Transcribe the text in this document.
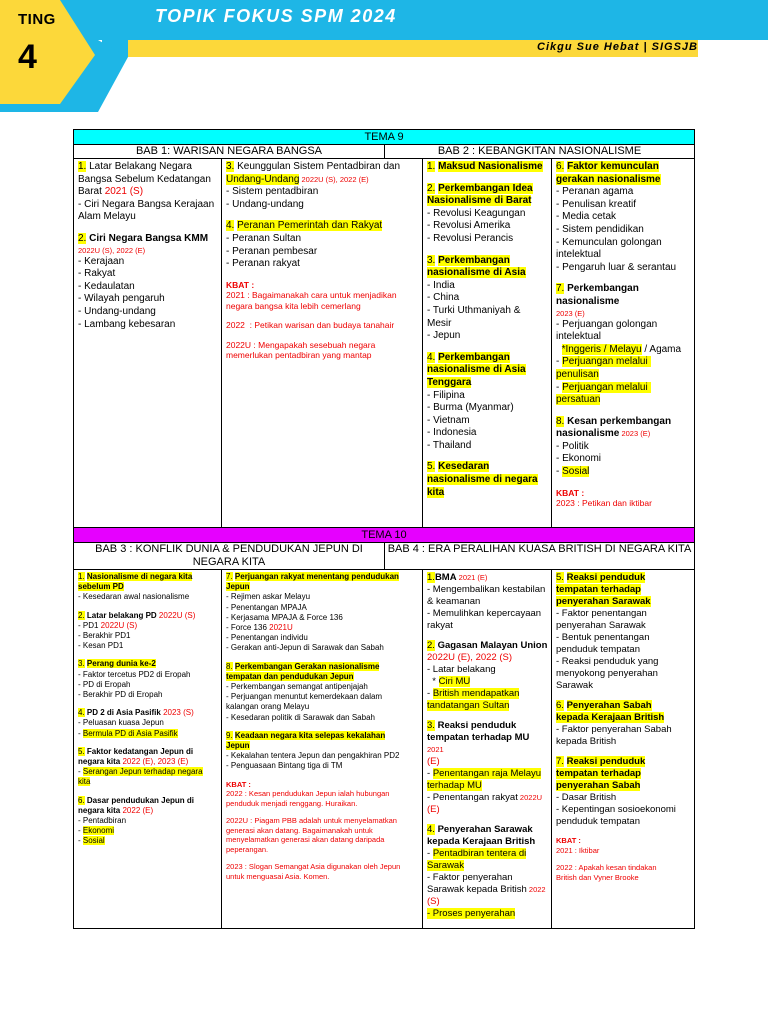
TOPIK FOKUS SPM 2024
Cikgu Sue Hebat | SIGSJB
TING
4
TEMA 9
BAB 1: WARISAN NEGARA BANGSA	BAB 2 : KEBANGKITAN NASIONALISME
1. Latar Belakang Negara
Bangsa Sebelum Kedatangan
Barat 2021 (S)
- Ciri Negara Bangsa Kerajaan
Alam Melayu
2. Ciri Negara Bangsa KMM
2022U (S), 2022 (E)
- Kerajaan
- Rakyat
- Kedaulatan
- Wilayah pengaruh
- Undang-undang
- Lambang kebesaran
3. Keunggulan Sistem Pentadbiran dan
Undang-Undang 2022U (S), 2022 (E)
- Sistem pentadbiran
- Undang-undang
4. Peranan Pemerintah dan Rakyat
- Peranan Sultan
- Peranan pembesar
- Peranan rakyat
KBAT :
2021 : Bagaimanakah cara untuk menjadikan
negara bangsa kita lebih cemerlang
2022  : Petikan warisan dan budaya tanahair
2022U : Mengapakah sesebuah negara
memerlukan pentadbiran yang mantap
1. Maksud Nasionalisme
2. Perkembangan Idea
Nasionalisme di Barat
- Revolusi Keagungan
- Revolusi Amerika
- Revolusi Perancis
3. Perkembangan
nasionalisme di Asia
- India
- China
- Turki Uthmaniyah &
Mesir
- Jepun
4. Perkembangan
nasionalisme di Asia
Tenggara
- Filipina
- Burma (Myanmar)
- Vietnam
- Indonesia
- Thailand
5. Kesedaran
nasionalisme di negara
kita
6. Faktor kemunculan
gerakan nasionalisme
- Peranan agama
- Penulisan kreatif
- Media cetak
- Sistem pendidikan
- Kemunculan golongan
intelektual
- Pengaruh luar & serantau
7. Perkembangan
nasionalisme
2023 (E)
- Perjuangan golongan
intelektual
*Inggeris / Melayu / Agama
- Perjuangan melalui penulisan
- Perjuangan melalui persatuan
8. Kesan perkembangan
nasionalisme 2023 (E)
- Politik
- Ekonomi
- Sosial
KBAT :
2023 : Petikan dan iktibar
TEMA 10
BAB 3 : KONFLIK DUNIA & PENDUDUKAN JEPUN DI NEGARA KITA
BAB 4 : ERA PERALIHAN KUASA BRITISH DI NEGARA KITA
1. Nasionalisme di negara kita
sebelum PD
- Kesedaran awal nasionalisme
2. Latar belakang PD 2022U (S)
- PD1 2022U (S)
- Berakhir PD1
- Kesan PD1
3. Perang dunia ke-2
- Faktor tercetus PD2 di Eropah
- PD di Eropah
- Berakhir PD di Eropah
4. PD 2 di Asia Pasifik 2023 (S)
- Peluasan kuasa Jepun
- Bermula PD di Asia Pasifik
5. Faktor kedatangan Jepun di
negara kita 2022 (E), 2023 (E)
- Serangan Jepun terhadap negara
kita
6. Dasar pendudukan Jepun di
negara kita 2022 (E)
- Pentadbiran
- Ekonomi
- Sosial
7. Perjuangan rakyat menentang pendudukan
Jepun
- Rejimen askar Melayu
- Penentangan MPAJA
- Kerjasama MPAJA & Force 136
- Force 136 2021U
- Penentangan individu
- Gerakan anti-Jepun di Sarawak dan Sabah
8. Perkembangan Gerakan nasionalisme
tempatan dan pendudukan Jepun
- Perkembangan semangat antipenjajah
- Perjuangan menuntut kemerdekaan dalam
kalangan orang Melayu
- Kesedaran politik di Sarawak dan Sabah
9. Keadaan negara kita selepas kekalahan
Jepun
- Kekalahan tentera Jepun dan pengakhiran PD2
- Penguasaan Bintang tiga di TM
KBAT :
2022 : Kesan pendudukan Jepun ialah hubungan
penduduk menjadi renggang. Huraikan.
2022U : Piagam PBB adalah untuk menyelamatkan
generasi akan datang. Bagaimanakah untuk
menyelamatkan generasi akan datang daripada
peperangan.
2023 : Slogan Semangat Asia digunakan oleh Jepun
untuk menguasai Asia. Komen.
1.BMA 2021 (E)
- Mengembalikan kestabilan
& keamanan
- Memulihkan kepercayaan
rakyat
2. Gagasan Malayan Union
2022U (E), 2022 (S)
- Latar belakang
* Ciri MU
- British mendapatkan
tandatangan Sultan
3. Reaksi penduduk
tempatan terhadap MU 2021
(E)
- Penentangan raja Melayu
terhadap MU
- Penentangan rakyat 2022U
(E)
4. Penyerahan Sarawak
kepada Kerajaan British
- Pentadbiran tentera di
Sarawak
- Faktor penyerahan
Sarawak kepada British 2022
(S)
- Proses penyerahan
5. Reaksi penduduk
tempatan terhadap
penyerahan Sarawak
- Faktor penentangan
penyerahan Sarawak
- Bentuk penentangan
penduduk tempatan
- Reaksi penduduk yang
menyokong penyerahan
Sarawak
6. Penyerahan Sabah
kepada Kerajaan British
- Faktor penyerahan Sabah
kepada British
7. Reaksi penduduk
tempatan terhadap
penyerahan Sabah
- Dasar British
- Kepentingan sosioekonomi
penduduk tempatan
KBAT :
2021 : Iktibar
2022 : Apakah kesan tindakan
British dan Vyner Brooke
